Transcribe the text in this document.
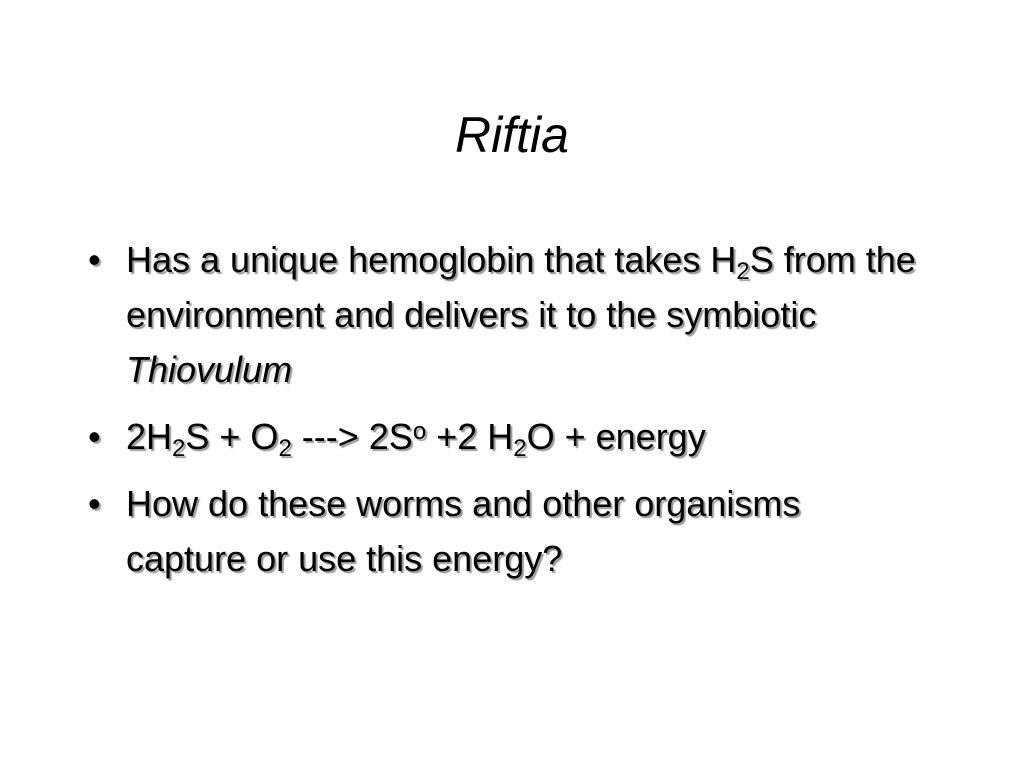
Riftia
• Has a unique hemoglobin that takes H2S from the environment and delivers it to the symbiotic Thiovulum
• 2H2S + O2 ---> $2S^o +2$ H2O + energy
• How do these worms and other organisms capture or use this energy?
